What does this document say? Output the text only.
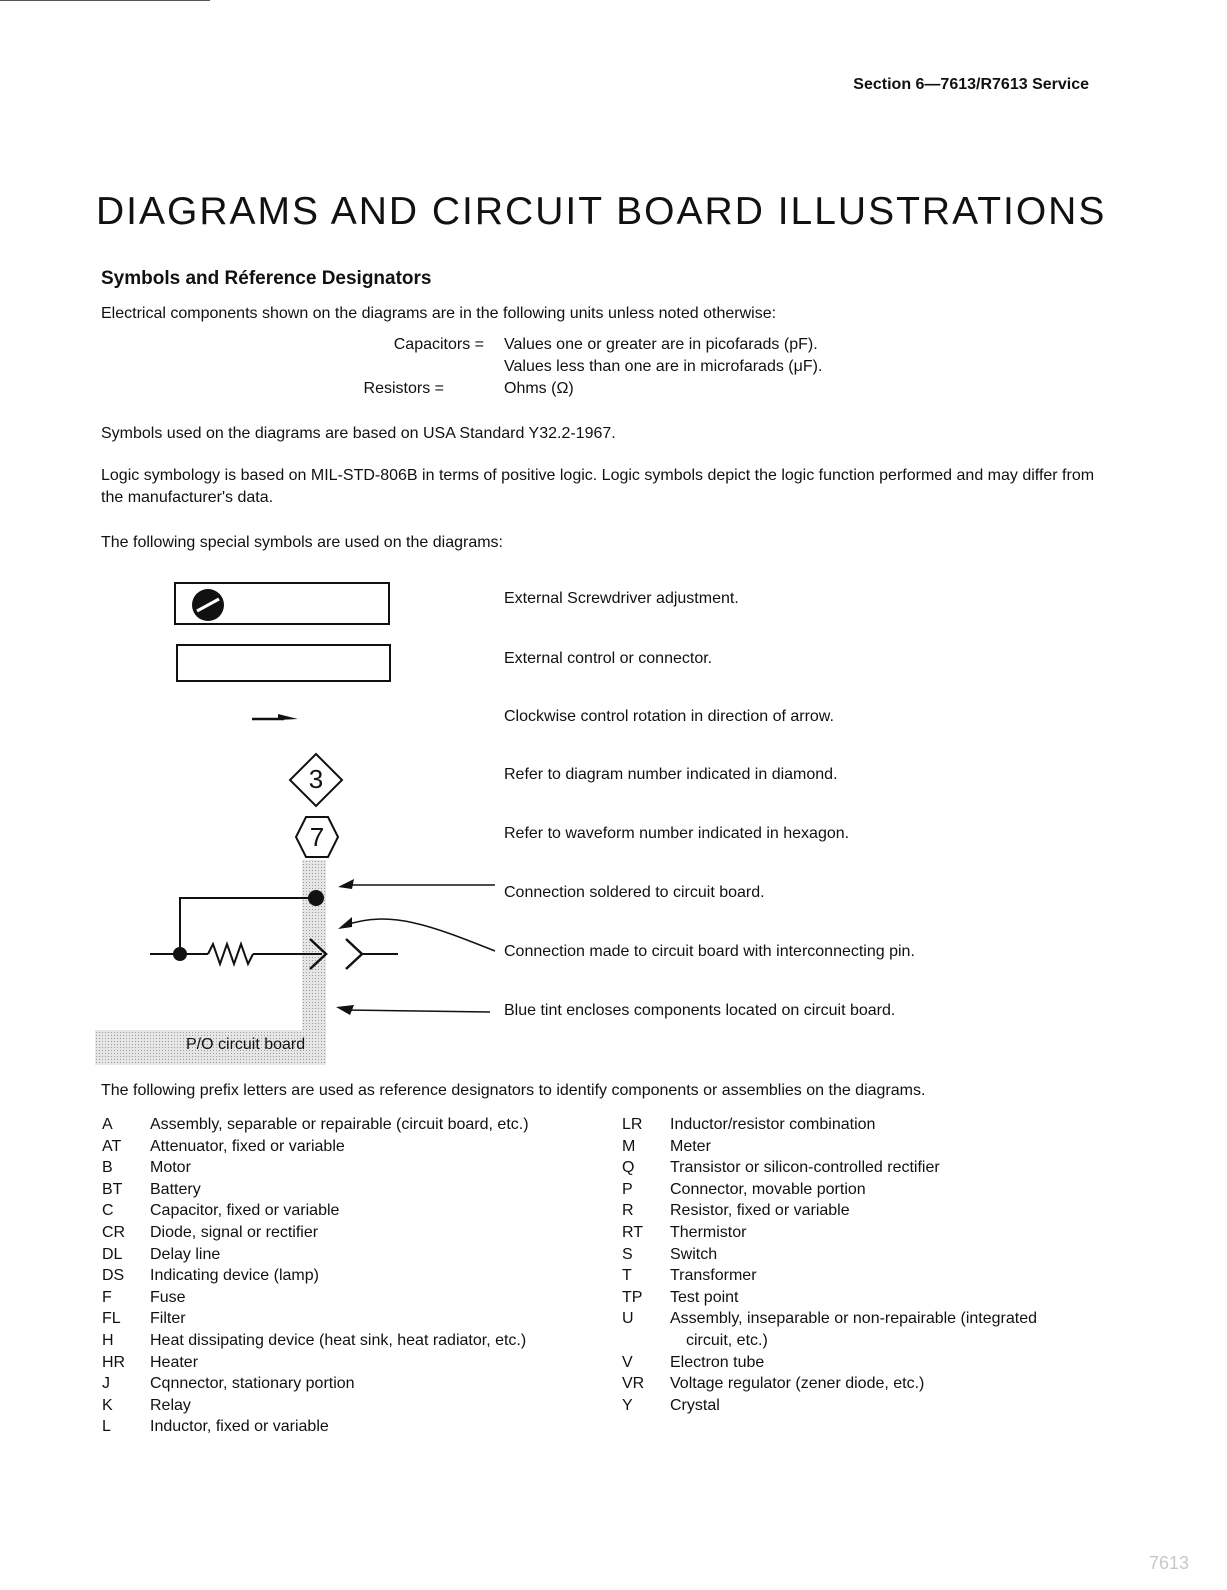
Section 6—7613/R7613 Service
DIAGRAMS AND CIRCUIT BOARD ILLUSTRATIONS
Symbols and Réference Designators
Electrical components shown on the diagrams are in the following units unless noted otherwise:
Capacitors = Values one or greater are in picofarads (pF).
Values less than one are in microfarads (μF).
Resistors =	Ohms (Ω)
Symbols used on the diagrams are based on USA Standard Y32.2-1967.
Logic symbology is based on MIL-STD-806B in terms of positive logic. Logic symbols depict the logic function performed and may differ from the manufacturer's data.
The following special symbols are used on the diagrams:
External Screwdriver adjustment.
External control or connector.
Clockwise control rotation in direction of arrow.
3	Refer to diagram number indicated in diamond.
7	Refer to waveform number indicated in hexagon.
P/O circuit board
Connection soldered to circuit board.
Connection made to circuit board with interconnecting pin.
Blue tint encloses components located on circuit board.
The following prefix letters are used as reference designators to identify components or assemblies on the diagrams.
A	Assembly, separable or repairable (circuit board, etc.)
AT	Attenuator, fixed or variable
B	Motor
BT	Battery
C	Capacitor, fixed or variable
CR	Diode, signal or rectifier
DL	Delay line
DS	Indicating device (lamp)
F	Fuse
FL	Filter
H	Heat dissipating device (heat sink, heat radiator, etc.)
HR	Heater
J	Cqnnector, stationary portion
K	Relay
L	Inductor, fixed or variable
LR	Inductor/resistor combination
M	Meter
Q	Transistor or silicon-controlled rectifier
P	Connector, movable portion
R	Resistor, fixed or variable
RT	Thermistor
S	Switch
T	Transformer
TP	Test point
U	Assembly, inseparable or non-repairable (integrated
circuit, etc.)
V	Electron tube
VR	Voltage regulator (zener diode, etc.)
Y	Crystal
7613
